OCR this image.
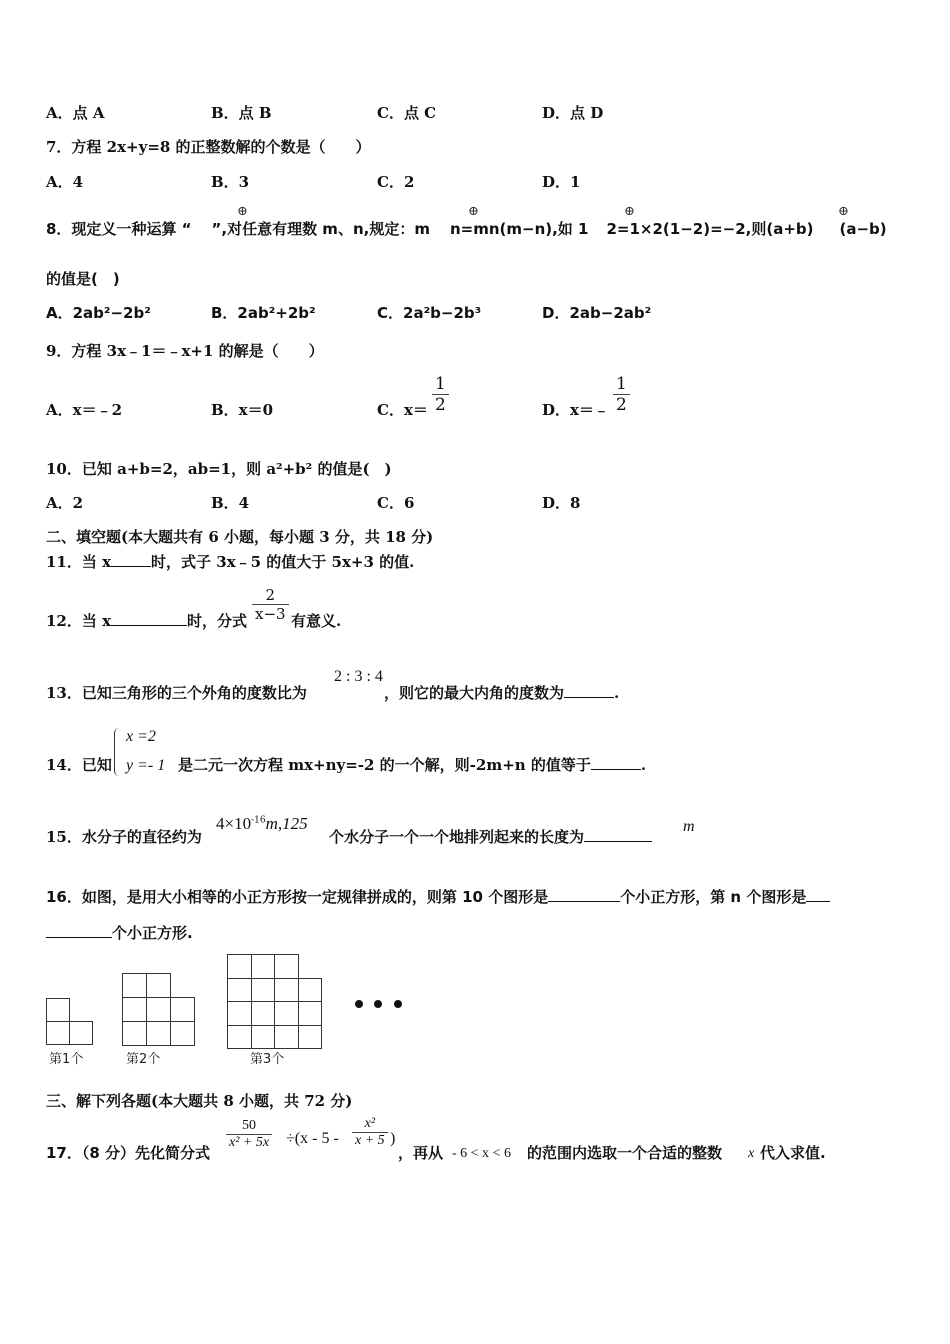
A．点 A	B．点 B	C．点 C	D．点 D
7．方程 2x+y=8 的正整数解的个数是（　　）
A．4	B．3	C．2	D．1
8．现定义一种运算 “ ”,对任意有理数 m、n,规定：m n=mn(m−n),如 1 2=1×2(1−2)=−2,则(a+b) (a−b)
⊕	⊕	⊕	⊕
的值是(　)
A．2ab²−2b²	B．2ab²+2b²	C．2a²b−2b³	D．2ab−2ab²
9．方程 3x﹣1＝﹣x+1 的解是（　　）
A．x＝﹣2	B．x＝0	C．$x= \frac{1}{2}$	D．x＝﹣ $\frac{1}{2}$
10．已知 a+b=2，ab=1，则 a²+b² 的值是(　)
A．2	B．4	C．6	D．8
二、填空题(本大题共有 6 小题，每小题 3 分，共 18 分)
11．当 x	时，式子 3x﹣5 的值大于 5x+3 的值.
12．当 x	时，分式 $\frac{2}{x-3}$ 有意义.
13．已知三角形的三个外角的度数比为
2 : 3 : 4
，则它的最大内角的度数为	.
14．已知
x =2
y =- 1 是二元一次方程 mx+ny=-2 的一个解，则-2m+n 的值等于	.
15．水分子的直径约为
$4\times 10^{-16}m,125$
个水分子一个一个地排列起来的长度为
m
16．如图，是用大小相等的小正方形按一定规律拼成的，则第 10 个图形是	个小正方形，第 n 个图形是
个小正方形.
第1个	第2个	第3个
三、解下列各题(本大题共 8 小题，共 72 分)
17．（8 分）先化简分式
$\frac{50}{\text{x² + 5x}} \div(x - 5 - \frac{\text{x²}}{x + 5}$ )
，再从 - 6 < x < 6 的范围内选取一个合适的整数 x 代入求值.
